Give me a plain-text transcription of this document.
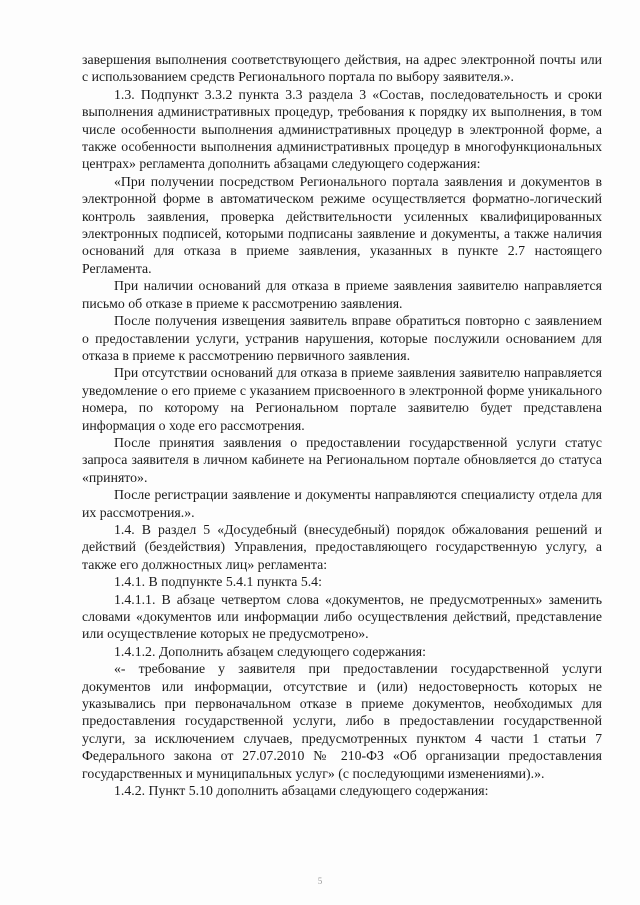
завершения выполнения соответствующего действия, на адрес электронной почты или с использованием средств Регионального портала по выбору заявителя.».

1.3. Подпункт 3.3.2 пункта 3.3 раздела 3 «Состав, последовательность и сроки выполнения административных процедур, требования к порядку их выполнения, в том числе особенности выполнения административных процедур в электронной форме, а также особенности выполнения административных процедур в многофункциональных центрах» регламента дополнить абзацами следующего содержания:

«При получении посредством Регионального портала заявления и документов в электронной форме в автоматическом режиме осуществляется форматно-логический контроль заявления, проверка действительности усиленных квалифицированных электронных подписей, которыми подписаны заявление и документы, а также наличия оснований для отказа в приеме заявления, указанных в пункте 2.7 настоящего Регламента.

При наличии оснований для отказа в приеме заявления заявителю направляется письмо об отказе в приеме к рассмотрению заявления.

После получения извещения заявитель вправе обратиться повторно с заявлением о предоставлении услуги, устранив нарушения, которые послужили основанием для отказа в приеме к рассмотрению первичного заявления.

При отсутствии оснований для отказа в приеме заявления заявителю направляется уведомление о его приеме с указанием присвоенного в электронной форме уникального номера, по которому на Региональном портале заявителю будет представлена информация о ходе его рассмотрения.

После принятия заявления о предоставлении государственной услуги статус запроса заявителя в личном кабинете на Региональном портале обновляется до статуса «принято».

После регистрации заявление и документы направляются специалисту отдела для их рассмотрения.».

1.4. В раздел 5 «Досудебный (внесудебный) порядок обжалования решений и действий (бездействия) Управления, предоставляющего государственную услугу, а также его должностных лиц» регламента:

1.4.1. В подпункте 5.4.1 пункта 5.4:

1.4.1.1. В абзаце четвертом слова «документов, не предусмотренных» заменить словами «документов или информации либо осуществления действий, представление или осуществление которых не предусмотрено».

1.4.1.2. Дополнить абзацем следующего содержания:

«- требование у заявителя при предоставлении государственной услуги документов или информации, отсутствие и (или) недостоверность которых не указывались при первоначальном отказе в приеме документов, необходимых для предоставления государственной услуги, либо в предоставлении государственной услуги, за исключением случаев, предусмотренных пунктом 4 части 1 статьи 7 Федерального закона от 27.07.2010 № 210-ФЗ «Об организации предоставления государственных и муниципальных услуг» (с последующими изменениями).».

1.4.2. Пункт 5.10 дополнить абзацами следующего содержания:

5
